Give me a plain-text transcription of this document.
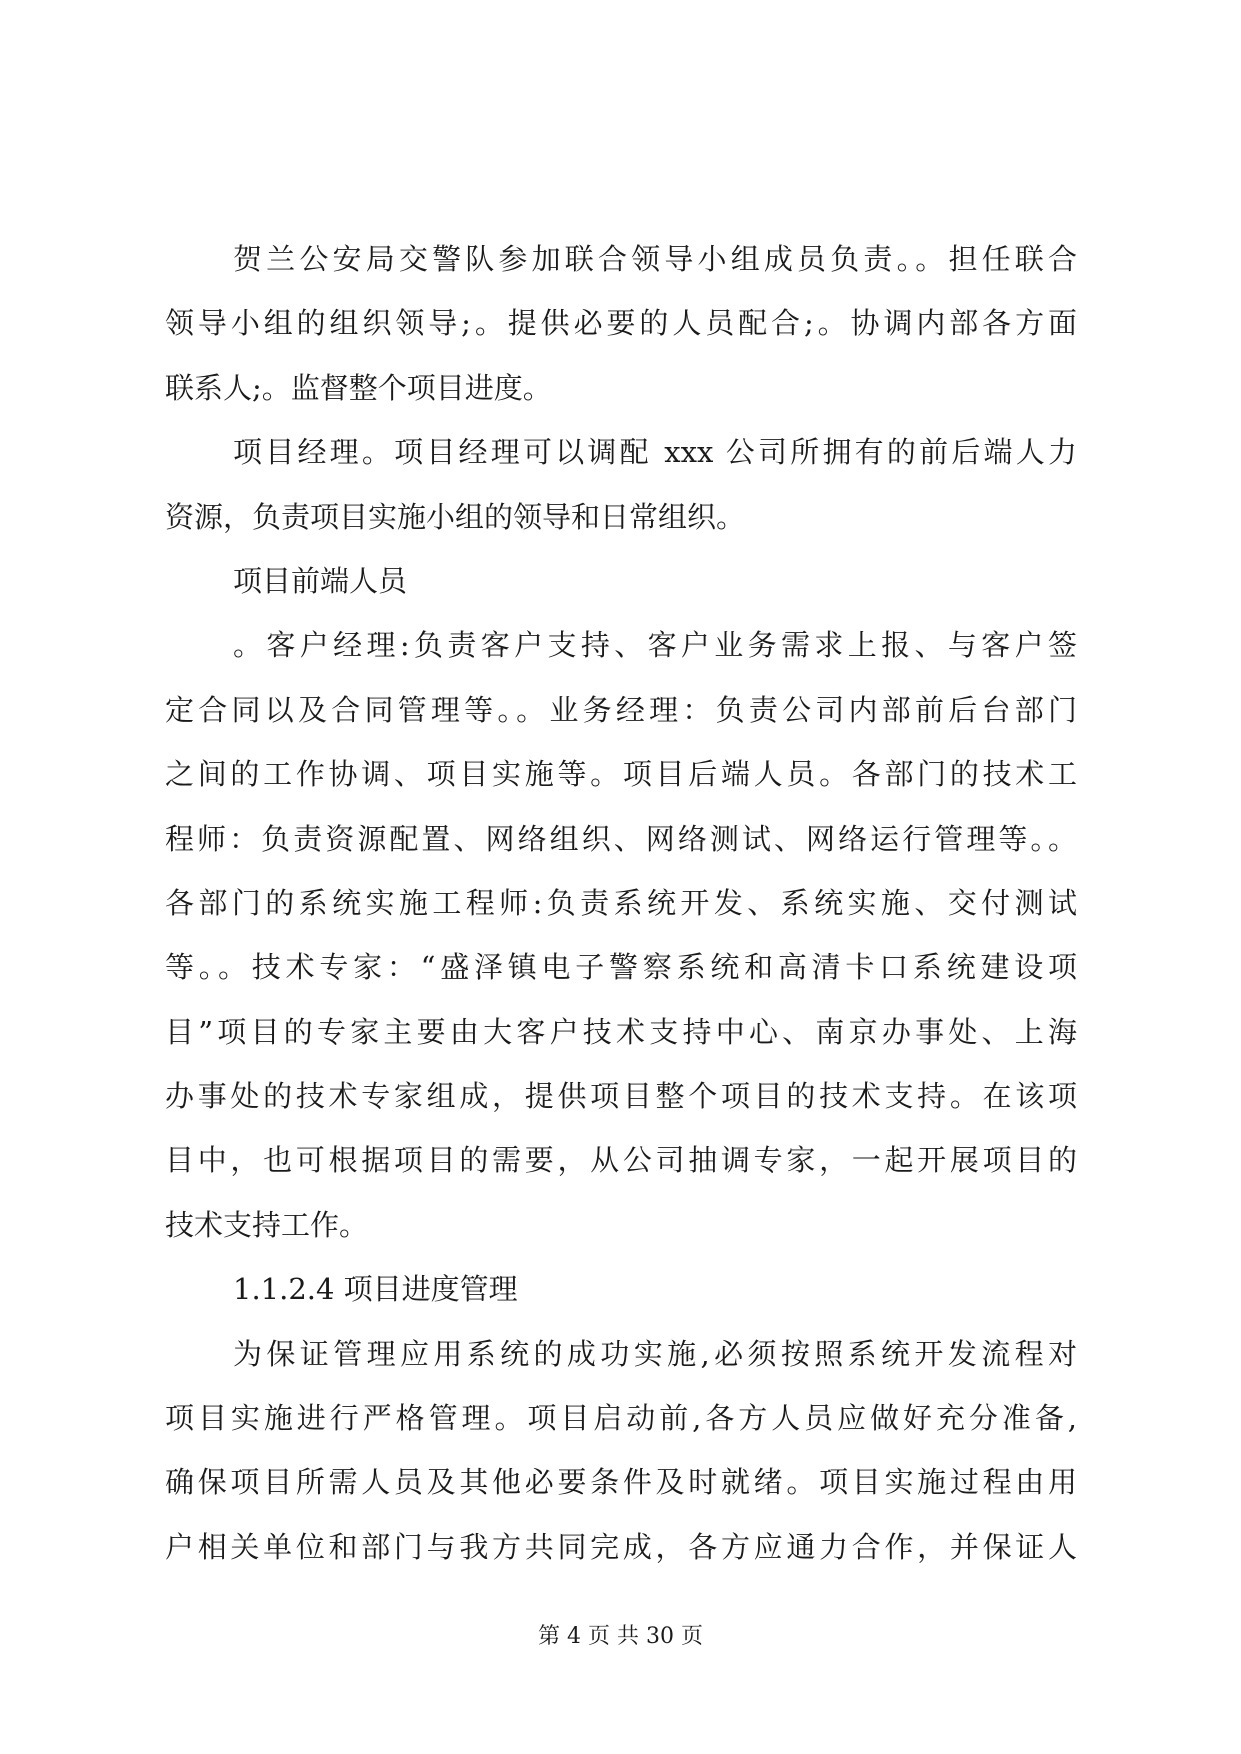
贺兰公安局交警队参加联合领导小组成员负责。。担任联合
领导小组的组织领导;。提供必要的人员配合;。协调内部各方面
联系人;。监督整个项目进度。
项目经理。项目经理可以调配 xxx 公司所拥有的前后端人力
资源，负责项目实施小组的领导和日常组织。
项目前端人员
。客户经理:负责客户支持、客户业务需求上报、与客户签
定合同以及合同管理等。。业务经理：负责公司内部前后台部门
之间的工作协调、项目实施等。项目后端人员。各部门的技术工
程师：负责资源配置、网络组织、网络测试、网络运行管理等。。
各部门的系统实施工程师:负责系统开发、系统实施、交付测试
等。。技术专家：“盛泽镇电子警察系统和高清卡口系统建设项
目”项目的专家主要由大客户技术支持中心、南京办事处、上海
办事处的技术专家组成，提供项目整个项目的技术支持。在该项
目中，也可根据项目的需要，从公司抽调专家，一起开展项目的
技术支持工作。
1.1.2.4 项目进度管理
为保证管理应用系统的成功实施,必须按照系统开发流程对
项目实施进行严格管理。项目启动前,各方人员应做好充分准备,
确保项目所需人员及其他必要条件及时就绪。项目实施过程由用
户相关单位和部门与我方共同完成，各方应通力合作，并保证人
第 4 页 共 30 页
